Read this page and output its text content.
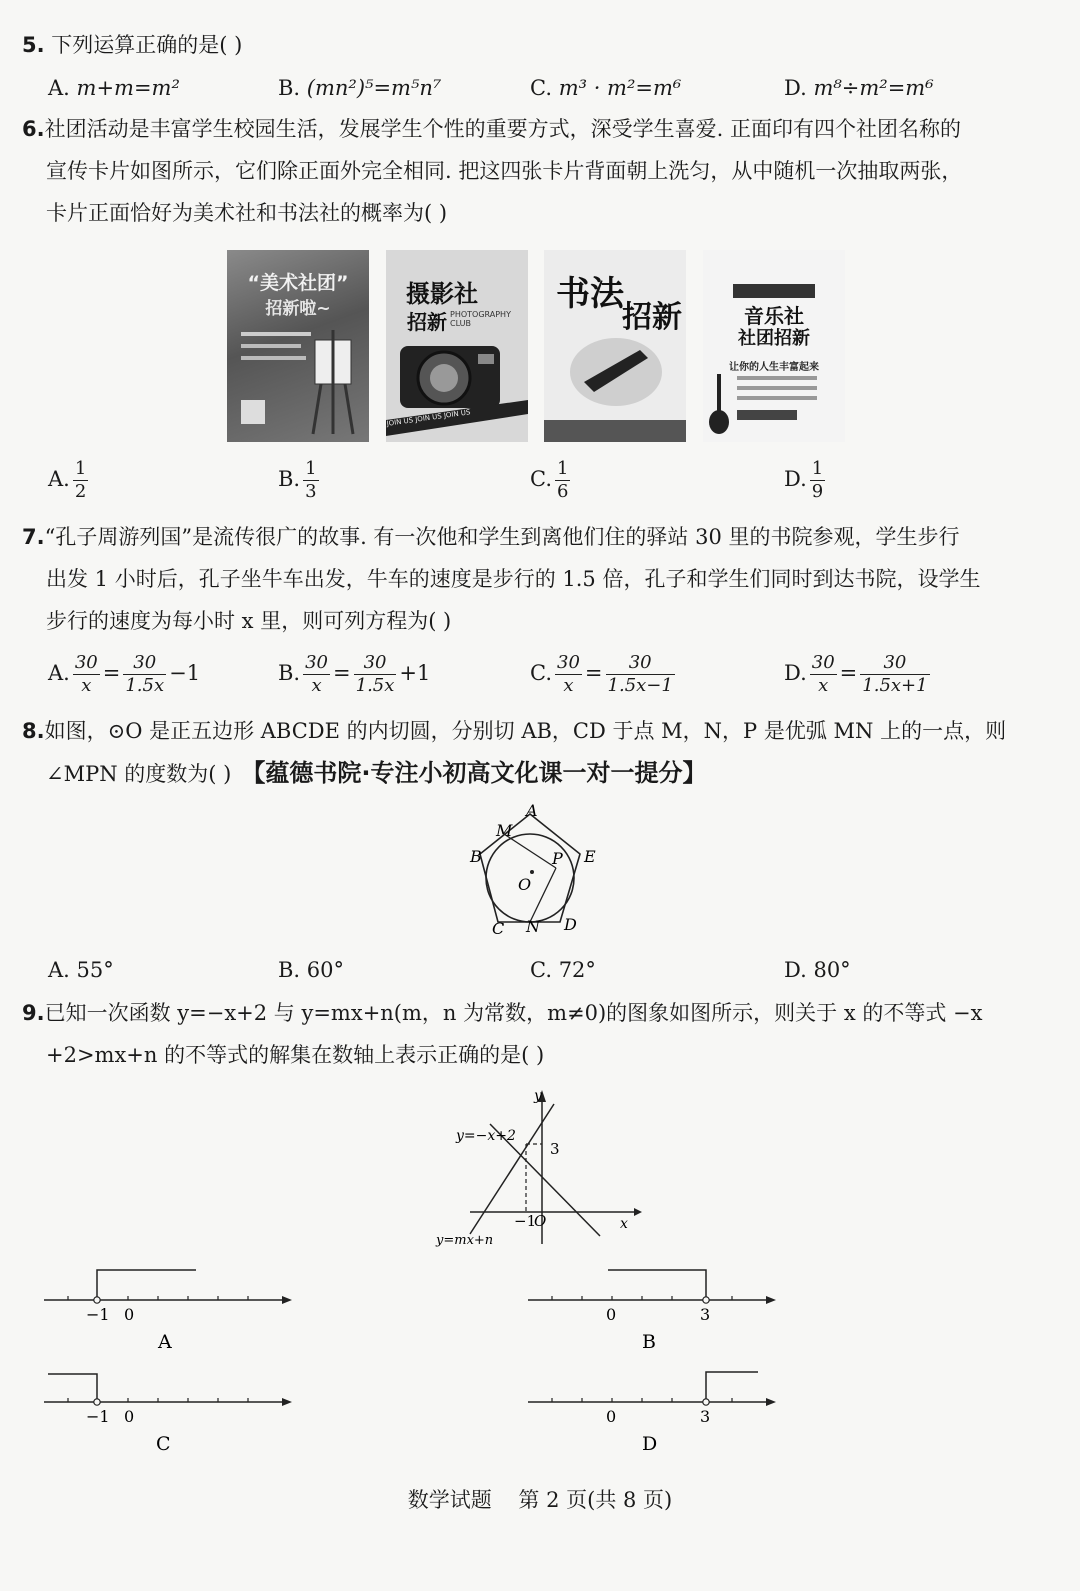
5. 下列运算正确的是( )
A. m+m=m²	B. (mn²)⁵=m⁵n⁷	C. m³ · m²=m⁶	D. m⁸÷m²=m⁶
6.社团活动是丰富学生校园生活，发展学生个性的重要方式，深受学生喜爱. 正面印有四个社团名称的
宣传卡片如图所示，它们除正面外完全相同. 把这四张卡片背面朝上洗匀，从中随机一次抽取两张，
卡片正面恰好为美术社和书法社的概率为( )
“美术社团”
招新啦~
摄影社
招新 PHOTOGRAPHY CLUB
JOIN US JOIN US JOIN US
书法
招新	音乐社
社团招新
让你的人生丰富起来
A. $\frac{1}{2}$	B. $\frac{1}{3}$	C. $\frac{1}{6}$	D. $\frac{1}{9}$
7.“孔子周游列国”是流传很广的故事. 有一次他和学生到离他们住的驿站 30 里的书院参观，学生步行
出发 1 小时后，孔子坐牛车出发，牛车的速度是步行的 1.5 倍，孔子和学生们同时到达书院，设学生
步行的速度为每小时 x 里，则可列方程为( )
A. $\frac{30}{x} = \frac{30}{1.5x} -1$	B. $\frac{30}{x} = \frac{30}{1.5x} +1$	C. $\frac{30}{x} = \frac{30}{1.5x-1}$	D. $\frac{30}{x} = \frac{30}{1.5x+1}$
8.如图，⊙O 是正五边形 ABCDE 的内切圆，分别切 AB，CD 于点 M，N，P 是优弧 MN 上的一点，则
∠MPN 的度数为( ) 【蕴德书院·专注小初高文化课一对一提分】
A
M
B	P E
O
C N D
A. 55°	B. 60°	C. 72°	D. 80°
9.已知一次函数 y=−x+2 与 y=mx+n(m，n 为常数，m≠0)的图象如图所示，则关于 x 的不等式 −x
+2>mx+n 的不等式的解集在数轴上表示正确的是( )
y=−x+2
y=mx+n
y
x
−1
O
3
−1 0
A
0	3
B
−1 0
C
0	3
D
数学试题    第 2 页(共 8 页)
